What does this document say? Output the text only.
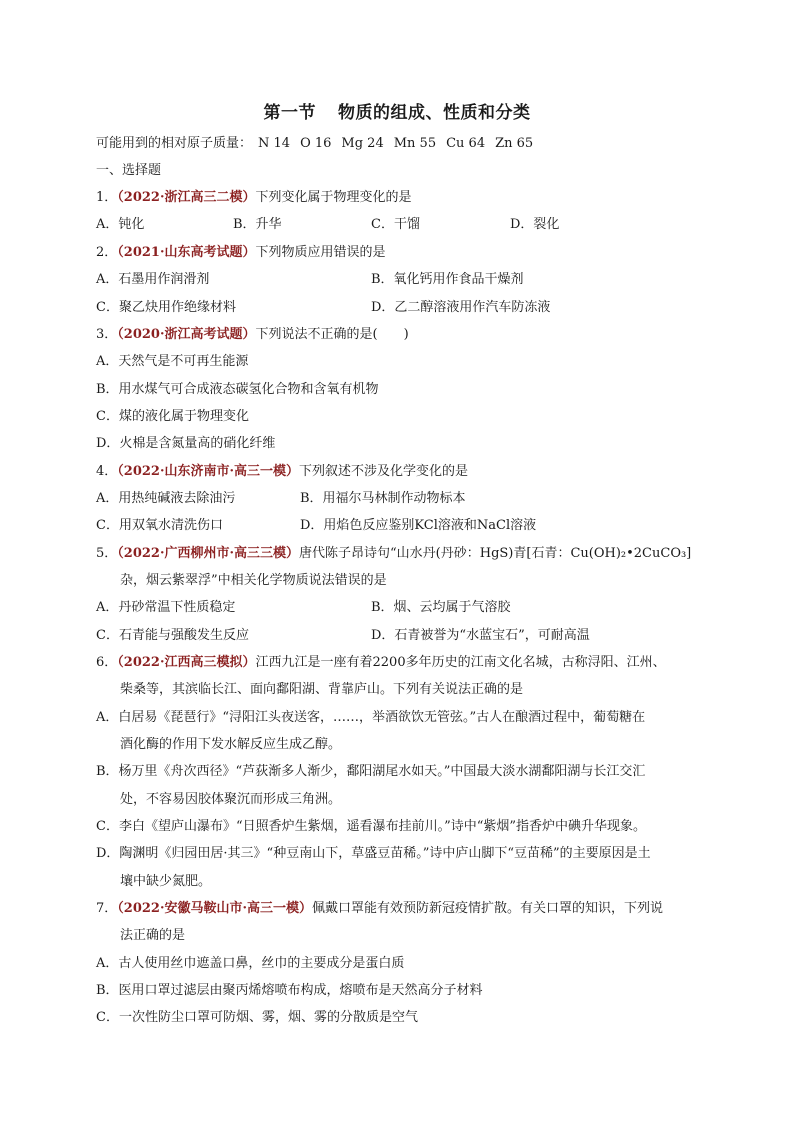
第一节 物质的组成、性质和分类
可能用到的相对原子质量： N 14 O 16 Mg 24 Mn 55 Cu 64 Zn 65
一、选择题
1．（2022·浙江高三二模）下列变化属于物理变化的是
A．钝化	B．升华	C．干馏	D．裂化
2．（2021·山东高考试题）下列物质应用错误的是
A．石墨用作润滑剂	B．氧化钙用作食品干燥剂
C．聚乙炔用作绝缘材料	D．乙二醇溶液用作汽车防冻液
3．（2020·浙江高考试题）下列说法不正确的是(　　)
A．天然气是不可再生能源
B．用水煤气可合成液态碳氢化合物和含氧有机物
C．煤的液化属于物理变化
D．火棉是含氮量高的硝化纤维
4．（2022·山东济南市·高三一模）下列叙述不涉及化学变化的是
A．用热纯碱液去除油污	B．用福尔马林制作动物标本
C．用双氧水清洗伤口	D．用焰色反应鉴别KCl溶液和NaCl溶液
5．（2022·广西柳州市·高三三模）唐代陈子昂诗句“山水丹(丹砂：HgS)青[石青：Cu(OH)₂•2CuCO₃]
杂，烟云紫翠浮”中相关化学物质说法错误的是
A．丹砂常温下性质稳定	B．烟、云均属于气溶胶
C．石青能与强酸发生反应	D．石青被誉为“水蓝宝石”，可耐高温
6．（2022·江西高三模拟）江西九江是一座有着2200多年历史的江南文化名城，古称浔阳、江州、
柴桑等，其滨临长江、面向鄱阳湖、背靠庐山。下列有关说法正确的是
A．白居易《琵琶行》“浔阳江头夜送客，……，举酒欲饮无管弦。”古人在酿酒过程中，葡萄糖在
酒化酶的作用下发水解反应生成乙醇。
B．杨万里《舟次西径》“芦荻渐多人渐少，鄱阳湖尾水如天。”中国最大淡水湖鄱阳湖与长江交汇
处，不容易因胶体聚沉而形成三角洲。
C．李白《望庐山瀑布》“日照香炉生紫烟，遥看瀑布挂前川。”诗中“紫烟”指香炉中碘升华现象。
D．陶渊明《归园田居·其三》“种豆南山下，草盛豆苗稀。”诗中庐山脚下“豆苗稀”的主要原因是土
壤中缺少氮肥。
7．（2022·安徽马鞍山市·高三一模）佩戴口罩能有效预防新冠疫情扩散。有关口罩的知识，下列说
法正确的是
A．古人使用丝巾遮盖口鼻，丝巾的主要成分是蛋白质
B．医用口罩过滤层由聚丙烯熔喷布构成，熔喷布是天然高分子材料
C．一次性防尘口罩可防烟、雾，烟、雾的分散质是空气
